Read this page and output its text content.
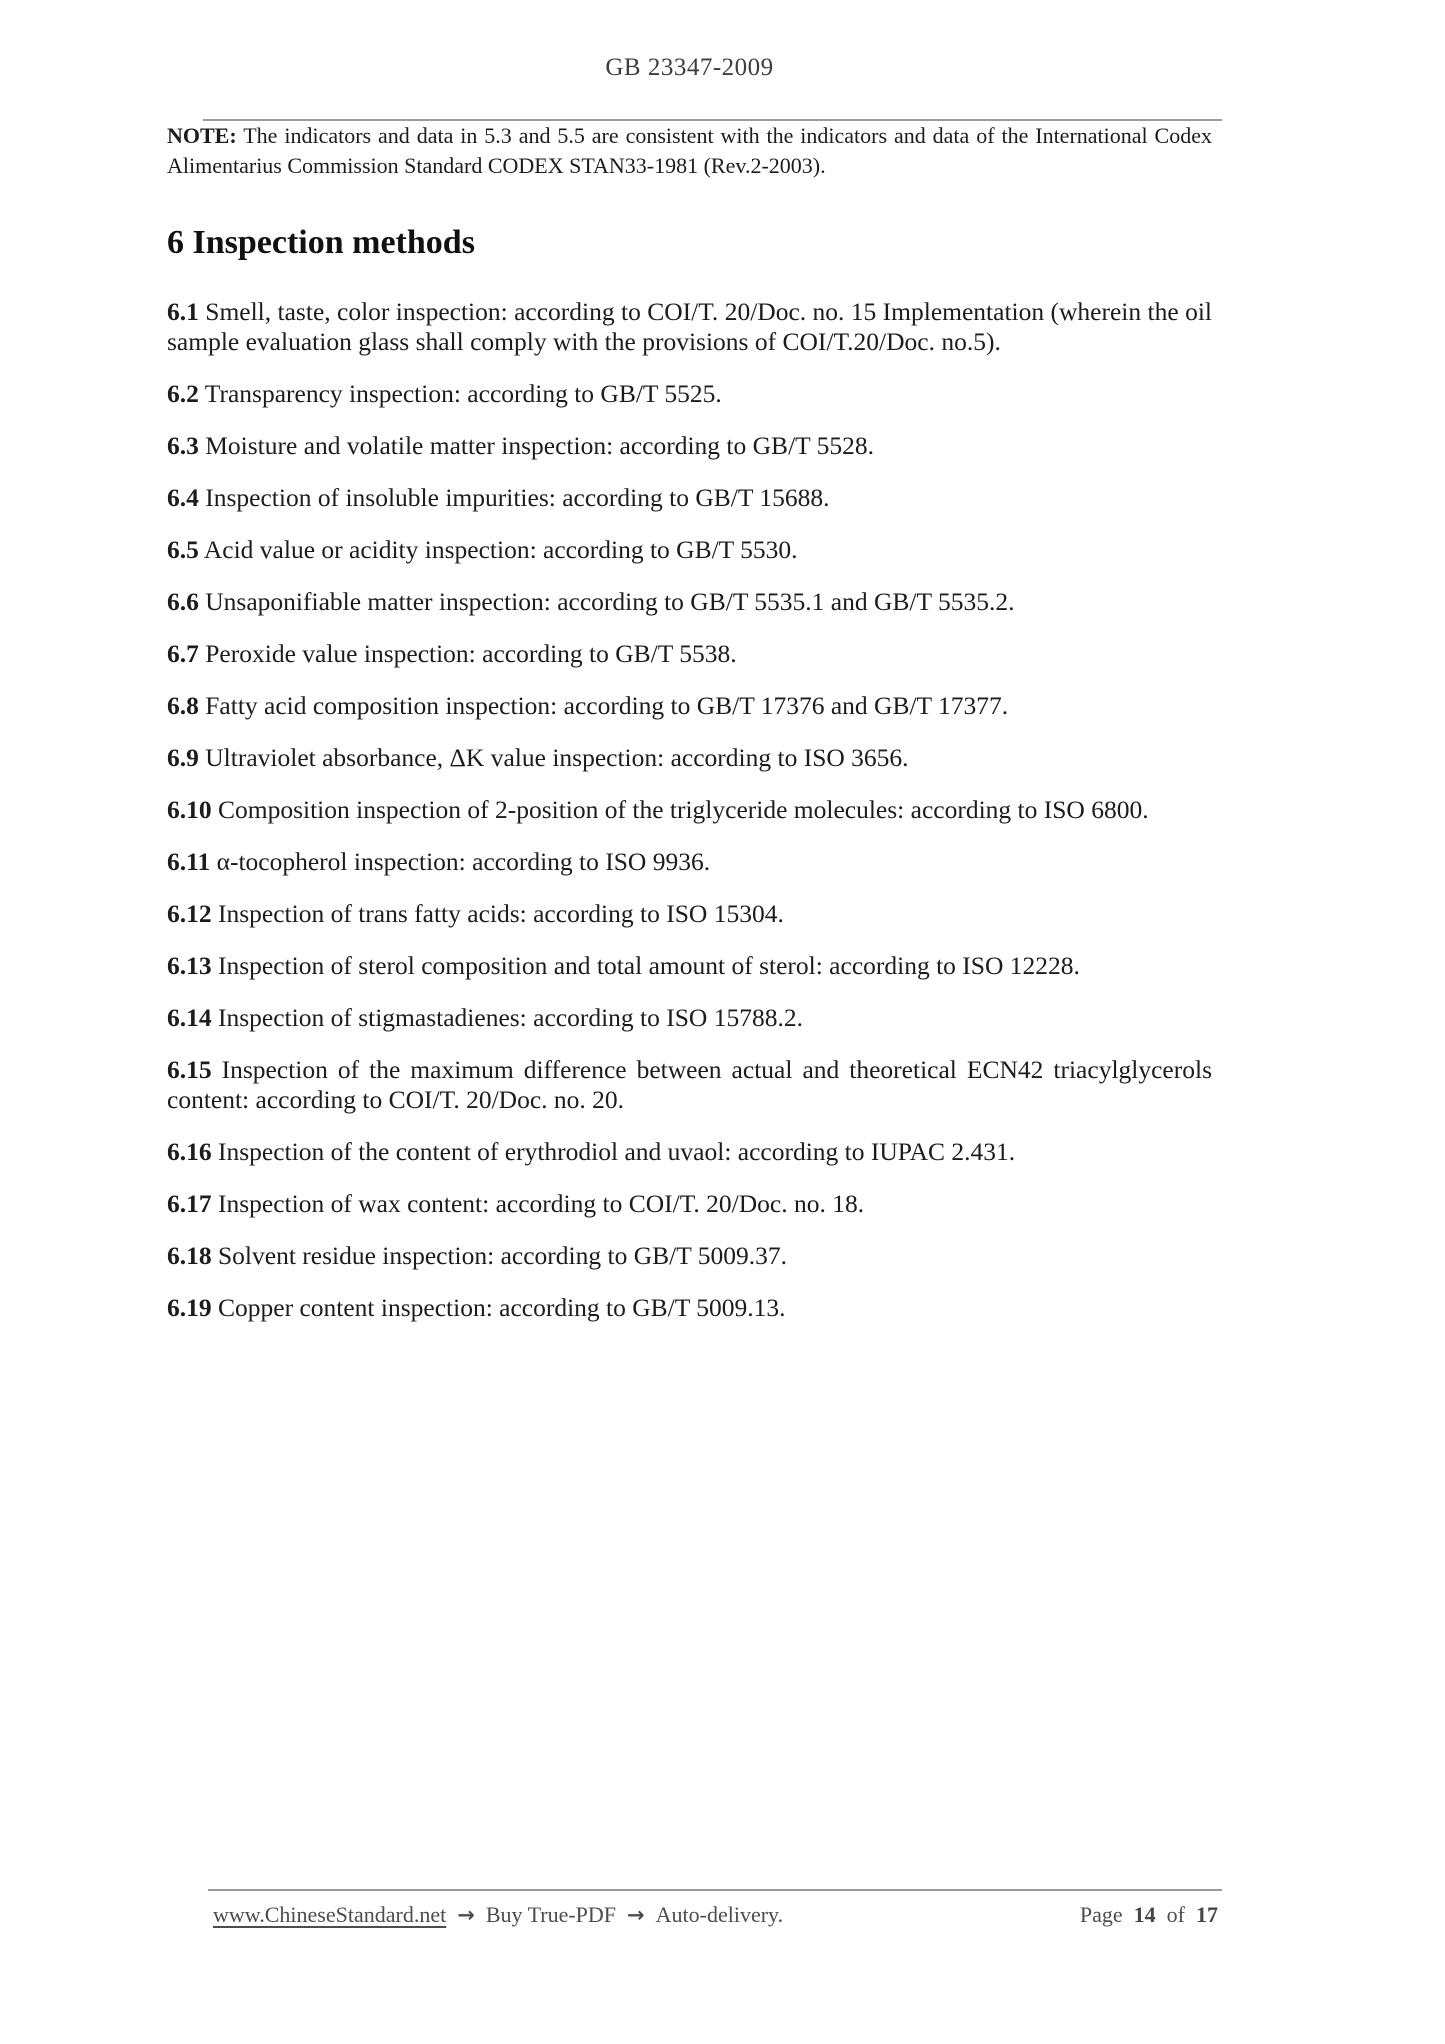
GB 23347-2009

NOTE: The indicators and data in 5.3 and 5.5 are consistent with the indicators and data of the International Codex Alimentarius Commission Standard CODEX STAN33-1981 (Rev.2-2003).

6 Inspection methods

6.1 Smell, taste, color inspection: according to COI/T. 20/Doc. no. 15 Implementation (wherein the oil sample evaluation glass shall comply with the provisions of COI/T.20/Doc. no.5).

6.2 Transparency inspection: according to GB/T 5525.

6.3 Moisture and volatile matter inspection: according to GB/T 5528.

6.4 Inspection of insoluble impurities: according to GB/T 15688.

6.5 Acid value or acidity inspection: according to GB/T 5530.

6.6 Unsaponifiable matter inspection: according to GB/T 5535.1 and GB/T 5535.2.

6.7 Peroxide value inspection: according to GB/T 5538.

6.8 Fatty acid composition inspection: according to GB/T 17376 and GB/T 17377.

6.9 Ultraviolet absorbance, ΔK value inspection: according to ISO 3656.

6.10 Composition inspection of 2-position of the triglyceride molecules: according to ISO 6800.

6.11 α-tocopherol inspection: according to ISO 9936.

6.12 Inspection of trans fatty acids: according to ISO 15304.

6.13 Inspection of sterol composition and total amount of sterol: according to ISO 12228.

6.14 Inspection of stigmastadienes: according to ISO 15788.2.

6.15 Inspection of the maximum difference between actual and theoretical ECN42 triacylglycerols content: according to COI/T. 20/Doc. no. 20.

6.16 Inspection of the content of erythrodiol and uvaol: according to IUPAC 2.431.

6.17 Inspection of wax content: according to COI/T. 20/Doc. no. 18.

6.18 Solvent residue inspection: according to GB/T 5009.37.

6.19 Copper content inspection: according to GB/T 5009.13.

www.ChineseStandard.net → Buy True-PDF → Auto-delivery.	Page 14 of 17
